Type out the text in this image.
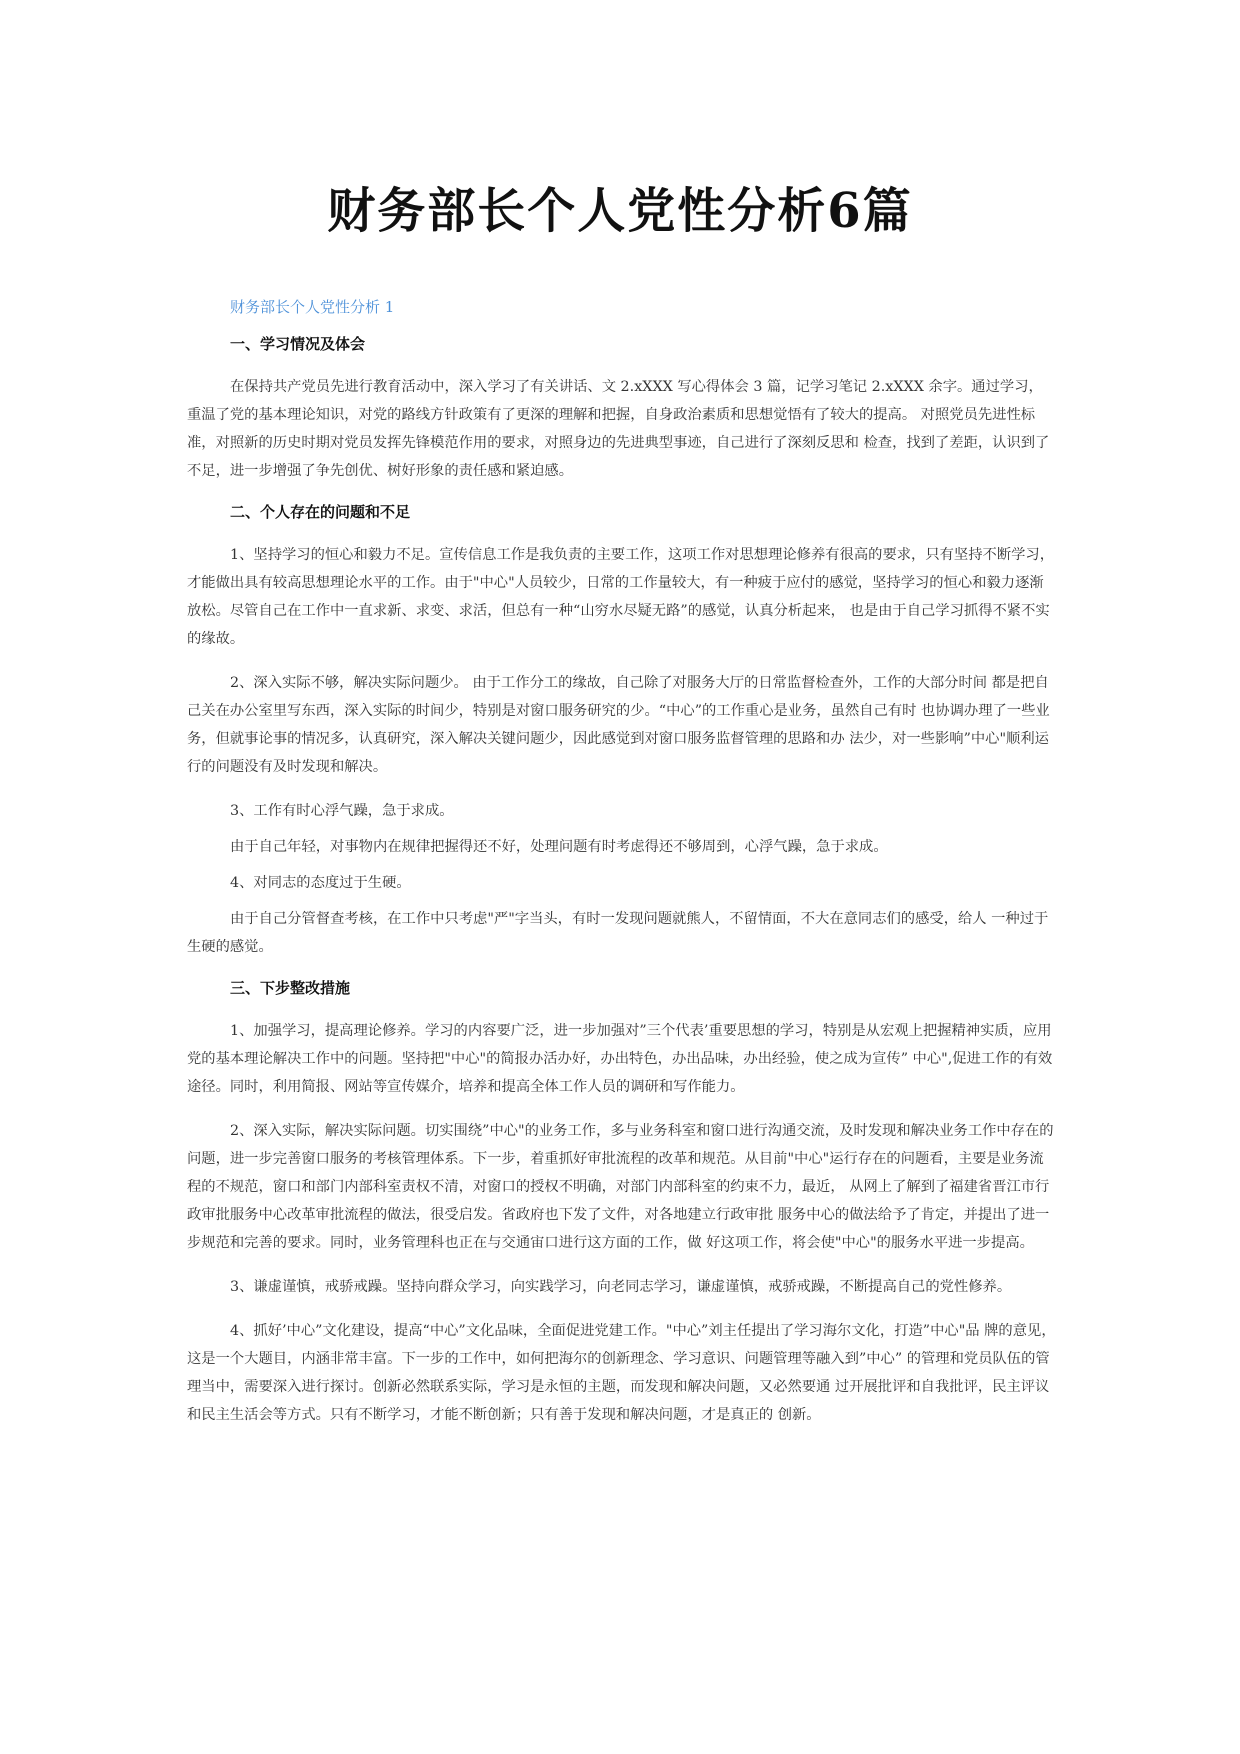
财务部长个人党性分析6篇
财务部长个人党性分析 1
一、学习情况及体会

在保持共产党员先进行教育活动中，深入学习了有关讲话、文 2.xXXX 写心得体会 3 篇，记学习笔记 2.xXXX 余字。通过学习，重温了党的基本理论知识，对党的路线方针政策有了更深的理解和把握，自身政治素质和思想觉悟有了较大的提高。 对照党员先进性标准，对照新的历史时期对党员发挥先锋模范作用的要求，对照身边的先进典型事迹，自己进行了深刻反思和 检查，找到了差距，认识到了不足，进一步增强了争先创优、树好形象的责任感和紧迫感。

二、个人存在的问题和不足

1、坚持学习的恒心和毅力不足。宣传信息工作是我负责的主要工作，这项工作对思想理论修养有很高的要求，只有坚持不断学习，才能做出具有较高思想理论水平的工作。由于"中心"人员较少，日常的工作量较大，有一种疲于应付的感觉，坚持学习的恒心和毅力逐渐放松。尽管自己在工作中一直求新、求变、求活，但总有一种“山穷水尽疑无路”的感觉，认真分析起来， 也是由于自己学习抓得不紧不实的缘故。

2、深入实际不够，解决实际问题少。 由于工作分工的缘故，自己除了对服务大厅的日常监督检查外，工作的大部分时间 都是把自己关在办公室里写东西，深入实际的时间少，特别是对窗口服务研究的少。“中心”的工作重心是业务，虽然自己有时 也协调办理了一些业务，但就事论事的情况多，认真研究，深入解决关键问题少，因此感觉到对窗口服务监督管理的思路和办 法少，对一些影响”中心"顺利运行的问题没有及时发现和解决。

3、工作有时心浮气躁，急于求成。

由于自己年轻，对事物内在规律把握得还不好，处理问题有时考虑得还不够周到，心浮气躁，急于求成。

4、对同志的态度过于生硬。

由于自己分管督查考核，在工作中只考虑"严"字当头，有时一发现问题就熊人，不留情面，不大在意同志们的感受，给人 一种过于生硬的感觉。

三、下步整改措施

1、加强学习，提高理论修养。学习的内容要广泛，进一步加强对”三个代表’重要思想的学习，特别是从宏观上把握精神实质，应用党的基本理论解决工作中的问题。坚持把"中心"的简报办活办好，办出特色，办出品味，办出经验，使之成为宣传” 中心",促进工作的有效途径。同时，利用简报、网站等宣传媒介，培养和提高全体工作人员的调研和写作能力。

2、深入实际，解决实际问题。切实围绕”中心"的业务工作，多与业务科室和窗口进行沟通交流，及时发现和解决业务工作中存在的问题，进一步完善窗口服务的考核管理体系。下一步，着重抓好审批流程的改革和规范。从目前"中心"运行存在的问题看，主要是业务流程的不规范，窗口和部门内部科室责权不清，对窗口的授权不明确，对部门内部科室的约束不力，最近， 从网上了解到了福建省晋江市行政审批服务中心改革审批流程的做法，很受启发。省政府也下发了文件，对各地建立行政审批 服务中心的做法给予了肯定，并提出了进一步规范和完善的要求。同时，业务管理科也正在与交通宙口进行这方面的工作，做 好这项工作，将会使"中心"的服务水平进一步提高。

3、谦虚谨慎，戒骄戒躁。坚持向群众学习，向实践学习，向老同志学习，谦虚谨慎，戒骄戒躁，不断提高自己的党性修养。

4、抓好’中心”文化建设，提高“中心”文化品味，全面促进党建工作。"中心”刘主任提出了学习海尔文化，打造”中心"品 牌的意见，这是一个大题目，内涵非常丰富。下一步的工作中，如何把海尔的创新理念、学习意识、问题管理等融入到”中心” 的管理和党员队伍的管理当中，需要深入进行探讨。创新必然联系实际，学习是永恒的主题，而发现和解决问题，又必然要通 过开展批评和自我批评，民主评议和民主生活会等方式。只有不断学习，才能不断创新；只有善于发现和解决问题，才是真正的 创新。
